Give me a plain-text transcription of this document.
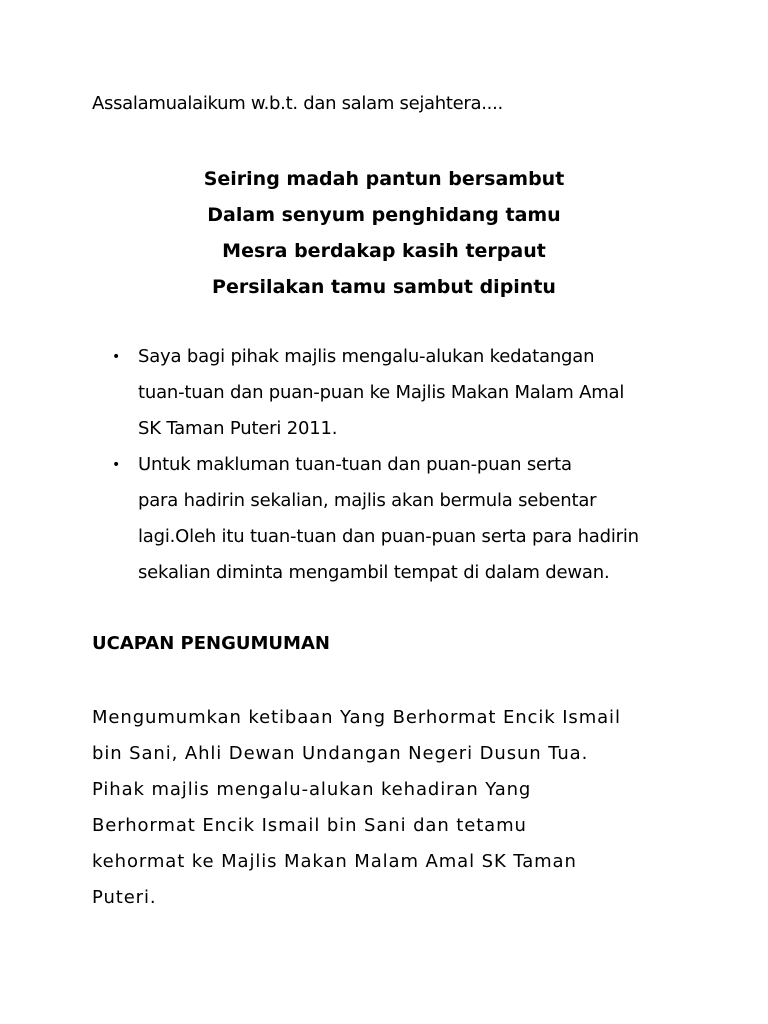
Assalamualaikum w.b.t. dan salam sejahtera....
Seiring madah pantun bersambut
Dalam senyum penghidang tamu
Mesra berdakap kasih terpaut
Persilakan tamu sambut dipintu
• Saya bagi pihak majlis mengalu-alukan kedatangan
tuan-tuan dan puan-puan ke Majlis Makan Malam Amal
SK Taman Puteri 2011.
• Untuk makluman tuan-tuan dan puan-puan serta
para hadirin sekalian, majlis akan bermula sebentar
lagi.Oleh itu tuan-tuan dan puan-puan serta para hadirin
sekalian diminta mengambil tempat di dalam dewan.
UCAPAN PENGUMUMAN
Mengumumkan ketibaan Yang Berhormat Encik Ismail
bin Sani, Ahli Dewan Undangan Negeri Dusun Tua.
Pihak majlis mengalu-alukan kehadiran Yang
Berhormat Encik Ismail bin Sani dan tetamu
kehormat ke Majlis Makan Malam Amal SK Taman
Puteri.
